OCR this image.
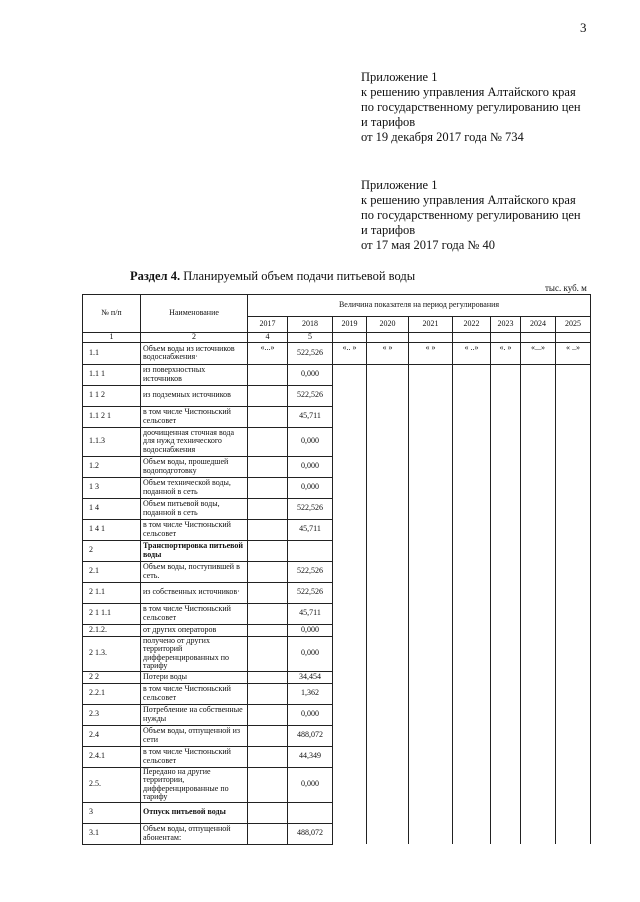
3
Приложение 1
к решению управления Алтайского края
по государственному регулированию цен
и тарифов
от 19 декабря 2017 года № 734
Приложение 1
к решению управления Алтайского края
по государственному регулированию цен
и тарифов
от 17 мая 2017 года № 40
Раздел 4. Планируемый объем подачи питьевой воды
тыс. куб. м
№ п/п	Наименование	Величина показателя на период регулирования								
		2017	2018	2019	2020	2021	2022	2023	2024	2025
1	2	4	5							
1.1	Объем воды из источников водоснабжения·	«...»	522,526	«.. »	« »	« »	« ..»	«. »	«...»	« ..»
1.1 1	из поверхностных источников		0,000							
1 1 2	из подземных источников		522,526							
1.1 2 1	в том числе Чистюньский сельсовет		45,711							
1.1.3	доочищенная сточная вода для нужд технического водоснабжения		0,000							
1.2	Объем воды, прошедшей водоподготовку		0,000							
1 3	Объем технической воды, поданной в сеть		0,000							
1 4	Объем питьевой воды, поданной в сеть		522,526							
1 4 1	в том числе Чистюньский сельсовет		45,711							
2	Транспортировка питьевой воды									
2.1	Объем воды, поступившей в сеть.		522,526							
2 1.1	из собственных источников·		522,526							
2 1 1.1	в том числе Чистюньский сельсовет		45,711							
2.1.2.	от других операторов		0,000							
2 1.3.	получено от других территорий дифференцированных по тарифу		0,000							
2 2	Потери воды		34,454							
2.2.1	в том числе Чистюньский сельсовет		1,362							
2.3	Потребление на собственные нужды		0,000							
2.4	Объем воды, отпущенной из сети		488,072							
2.4.1	в том числе Чистюньский сельсовет		44,349							
2.5.	Передано на другие территории, дифференцированные по тарифу		0,000							
3	Отпуск питьевой воды									
3.1	Объем воды, отпущенной абонентам:		488,072							
